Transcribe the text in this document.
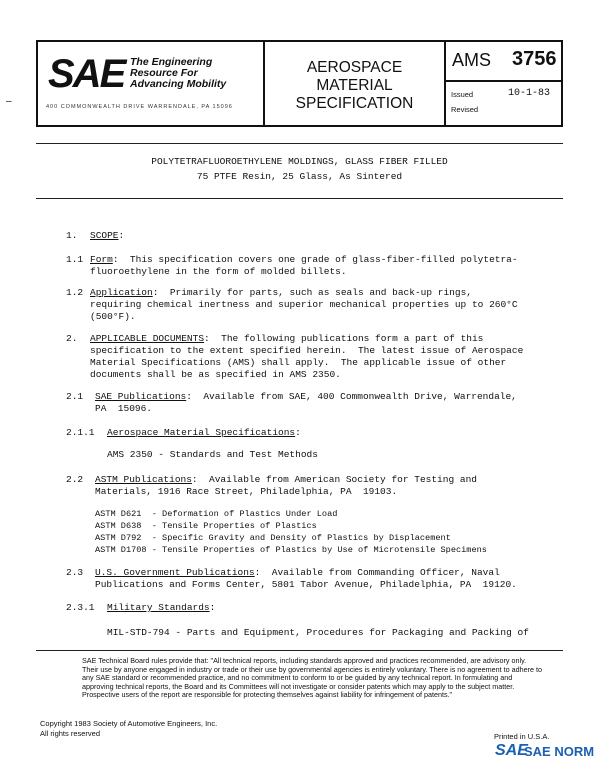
–
SAE The Engineering
Resource For
Advancing Mobility
400 COMMONWEALTH DRIVE WARRENDALE, PA 15096
AEROSPACE
MATERIAL
SPECIFICATION
AMS 3756
Issued	10-1-83
Revised
POLYTETRAFLUOROETHYLENE MOLDINGS, GLASS FIBER FILLED
75 PTFE Resin, 25 Glass, As Sintered
1. SCOPE:
1.1 Form:  This specification covers one grade of glass-fiber-filled polytetra-
fluoroethylene in the form of molded billets.
1.2 Application:  Primarily for parts, such as seals and back-up rings,
requiring chemical inertness and superior mechanical properties up to 260°C
(500°F).
2. APPLICABLE DOCUMENTS:  The following publications form a part of this
specification to the extent specified herein.  The latest issue of Aerospace
Material Specifications (AMS) shall apply.  The applicable issue of other
documents shall be as specified in AMS 2350.
2.1 SAE Publications:  Available from SAE, 400 Commonwealth Drive, Warrendale,
PA  15096.
2.1.1 Aerospace Material Specifications:
AMS 2350 - Standards and Test Methods
2.2 ASTM Publications:  Available from American Society for Testing and
Materials, 1916 Race Street, Philadelphia, PA  19103.
ASTM D621  - Deformation of Plastics Under Load
ASTM D638  - Tensile Properties of Plastics
ASTM D792  - Specific Gravity and Density of Plastics by Displacement
ASTM D1708 - Tensile Properties of Plastics by Use of Microtensile Specimens
2.3 U.S. Government Publications:  Available from Commanding Officer, Naval
Publications and Forms Center, 5801 Tabor Avenue, Philadelphia, PA  19120.
2.3.1 Military Standards:
MIL-STD-794 - Parts and Equipment, Procedures for Packaging and Packing of
SAE Technical Board rules provide that: "All technical reports, including standards approved and practices recommended, are advisory only. Their use by anyone engaged in industry or trade or their use by governmental agencies is entirely voluntary. There is no agreement to adhere to any SAE standard or recommended practice, and no commitment to conform to or be guided by any technical report. In formulating and approving technical reports, the Board and its Committees will not investigate or consider patents which may apply to the subject matter. Prospective users of the report are responsible for protecting themselves against liability for infringement of patents."
Copyright 1983 Society of Automotive Engineers, Inc.
All rights reserved	Printed in U.S.A.
SAE
SAE NORM
